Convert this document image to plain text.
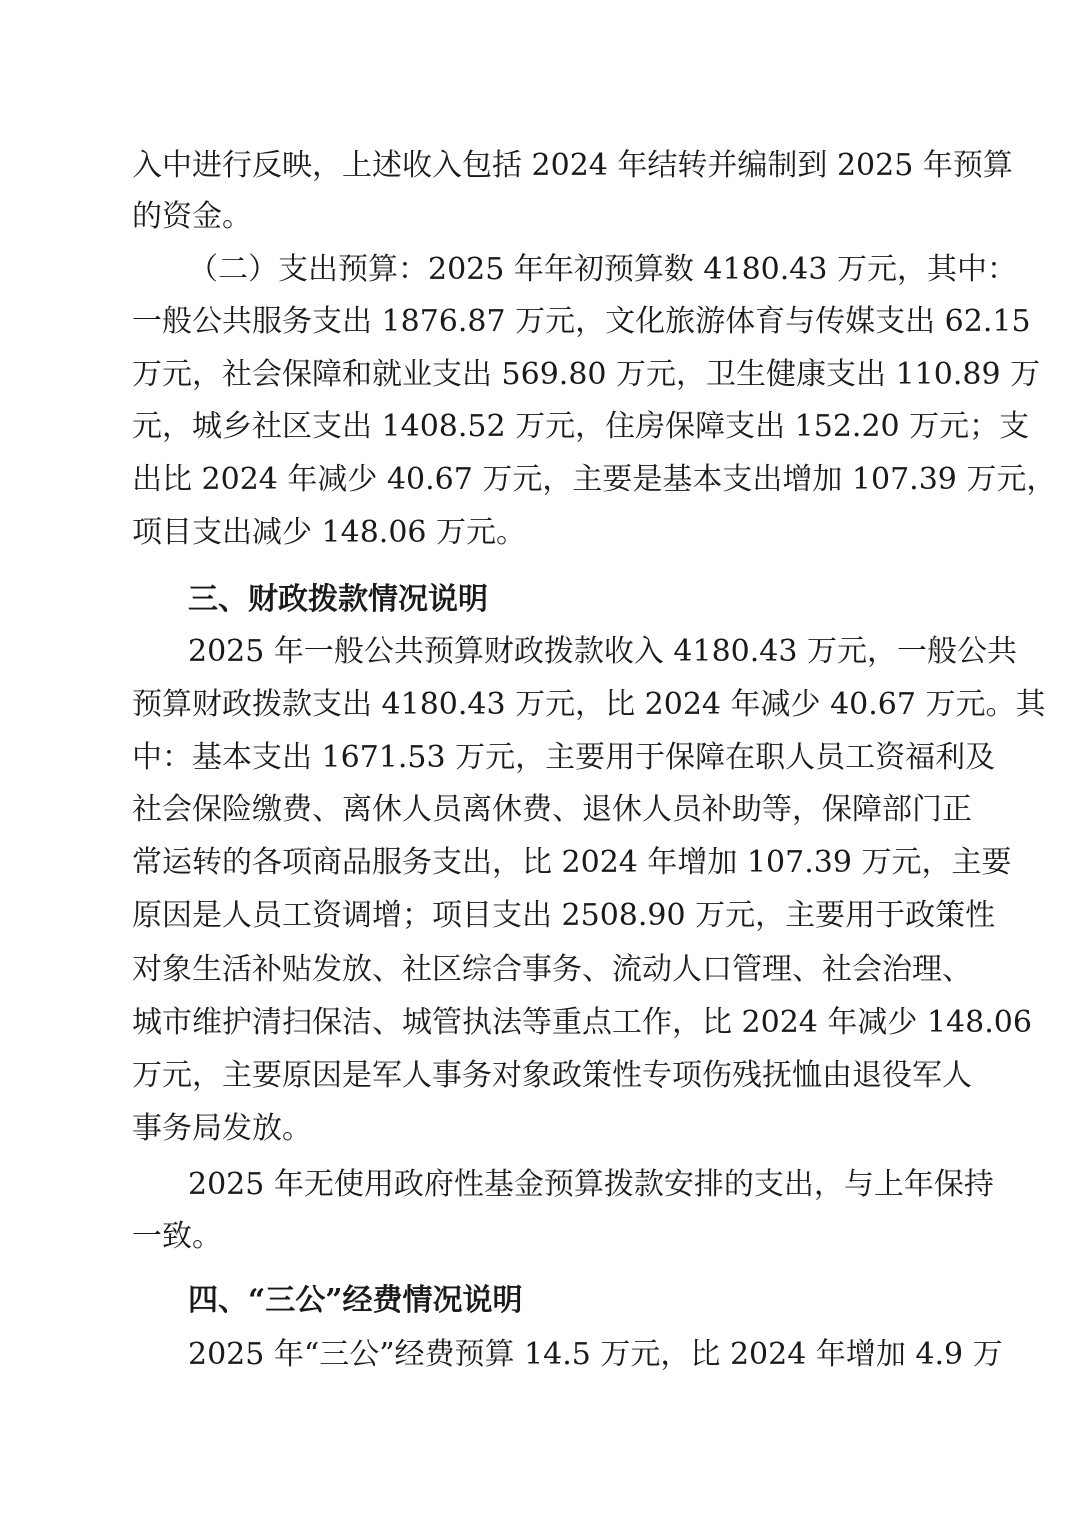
入中进行反映，上述收入包括 2024 年结转并编制到 2025 年预算
的资金。
（二）支出预算：2025 年年初预算数 4180.43 万元，其中：
一般公共服务支出 1876.87 万元，文化旅游体育与传媒支出 62.15
万元，社会保障和就业支出 569.80 万元，卫生健康支出 110.89 万
元，城乡社区支出 1408.52 万元，住房保障支出 152.20 万元；支
出比 2024 年减少 40.67 万元，主要是基本支出增加 107.39 万元，
项目支出减少 148.06 万元。
三、财政拨款情况说明
2025 年一般公共预算财政拨款收入 4180.43 万元，一般公共
预算财政拨款支出 4180.43 万元，比 2024 年减少 40.67 万元。其
中：基本支出 1671.53 万元，主要用于保障在职人员工资福利及
社会保险缴费、离休人员离休费、退休人员补助等，保障部门正
常运转的各项商品服务支出，比 2024 年增加 107.39 万元，主要
原因是人员工资调增；项目支出 2508.90 万元，主要用于政策性
对象生活补贴发放、社区综合事务、流动人口管理、社会治理、
城市维护清扫保洁、城管执法等重点工作，比 2024 年减少 148.06
万元，主要原因是军人事务对象政策性专项伤残抚恤由退役军人
事务局发放。
2025 年无使用政府性基金预算拨款安排的支出，与上年保持
一致。
四、“三公”经费情况说明
2025 年“三公”经费预算 14.5 万元，比 2024 年增加 4.9 万
